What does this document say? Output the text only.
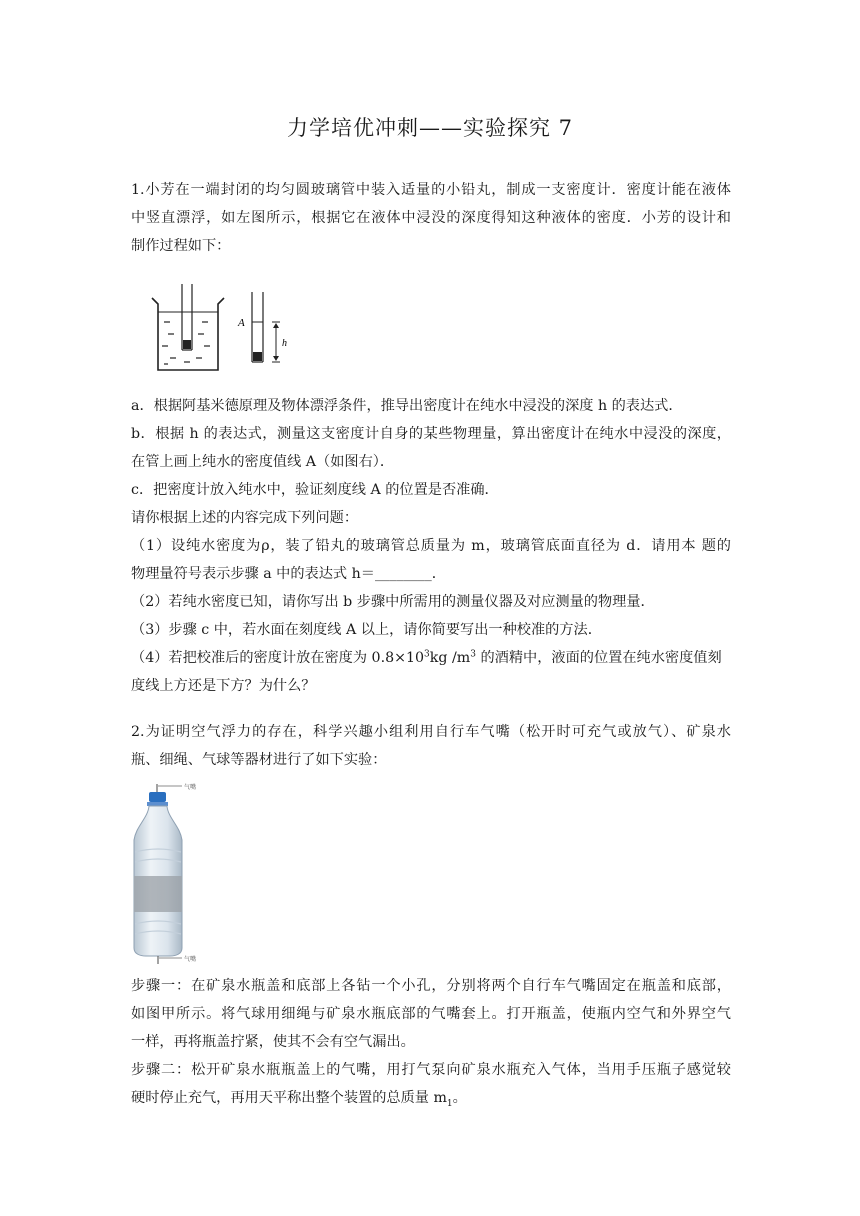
力学培优冲刺——实验探究 7
1.小芳在一端封闭的均匀圆玻璃管中装入适量的小铅丸，制成一支密度计．密度计能在液体
中竖直漂浮，如左图所示，根据它在液体中浸没的深度得知这种液体的密度．小芳的设计和
制作过程如下：
A
h
a．根据阿基米德原理及物体漂浮条件，推导出密度计在纯水中浸没的深度 h 的表达式．
b．根据 h 的表达式，测量这支密度计自身的某些物理量，算出密度计在纯水中浸没的深度，
在管上画上纯水的密度值线 A（如图右）．
c．把密度计放入纯水中，验证刻度线 A 的位置是否准确．
请你根据上述的内容完成下列问题：
（1）设纯水密度为ρ，装了铅丸的玻璃管总质量为 m，玻璃管底面直径为 d．请用本 题的
物理量符号表示步骤 a 中的表达式 h＝________．
（2）若纯水密度已知，请你写出 b 步骤中所需用的测量仪器及对应测量的物理量．
（3）步骤 c 中，若水面在刻度线 A 以上，请你简要写出一种校准的方法．
（4）若把校准后的密度计放在密度为 $0.8\times 10^3kg$ $/m^3$ 的酒精中，液面的位置在纯水密度值刻
度线上方还是下方？为什么？
2.为证明空气浮力的存在，科学兴趣小组利用自行车气嘴（松开时可充气或放气）、矿泉水
瓶、细绳、气球等器材进行了如下实验：
气嘴
气嘴
步骤一：在矿泉水瓶盖和底部上各钻一个小孔，分别将两个自行车气嘴固定在瓶盖和底部，
如图甲所示。将气球用细绳与矿泉水瓶底部的气嘴套上。打开瓶盖，使瓶内空气和外界空气
一样，再将瓶盖拧紧，使其不会有空气漏出。
步骤二：松开矿泉水瓶瓶盖上的气嘴，用打气泵向矿泉水瓶充入气体，当用手压瓶子感觉较
硬时停止充气，再用天平称出整个装置的总质量 $m_1$。
